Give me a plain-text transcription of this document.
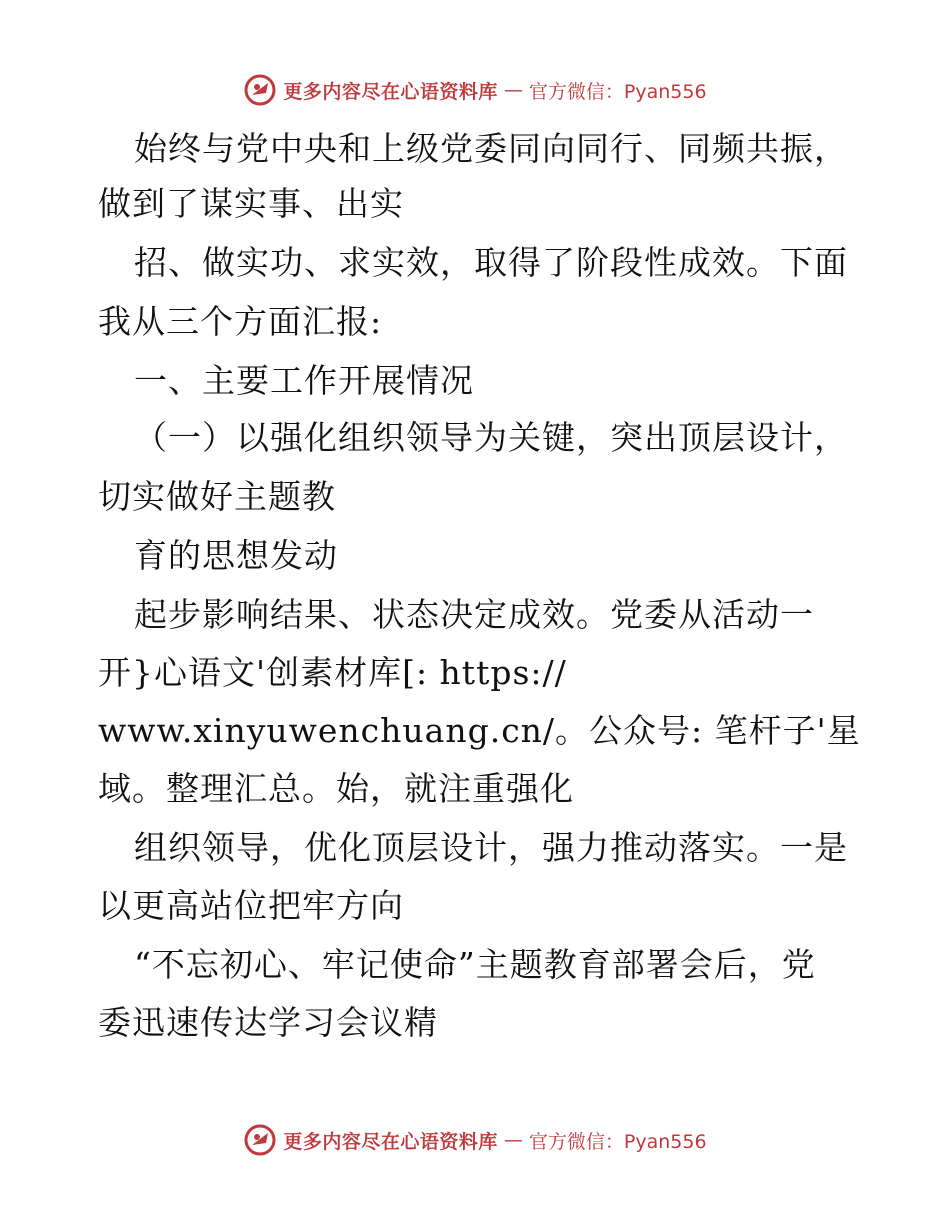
更多内容尽在心语资料库 — 官方微信：Pyan556
始终与党中央和上级党委同向同行、同频共振，
做到了谋实事、出实
招、做实功、求实效，取得了阶段性成效。下面
我从三个方面汇报:
一、主要工作开展情况
（一）以强化组织领导为关键，突出顶层设计，
切实做好主题教
育的思想发动
起步影响结果、状态决定成效。党委从活动一
开}心语文'创素材库[: https://
www.xinyuwenchuang.cn/。公众号: 笔杆子'星
域。整理汇总。始，就注重强化
组织领导，优化顶层设计，强力推动落实。一是
以更高站位把牢方向
“不忘初心、牢记使命”主题教育部署会后，党
委迅速传达学习会议精
更多内容尽在心语资料库 — 官方微信：Pyan556
